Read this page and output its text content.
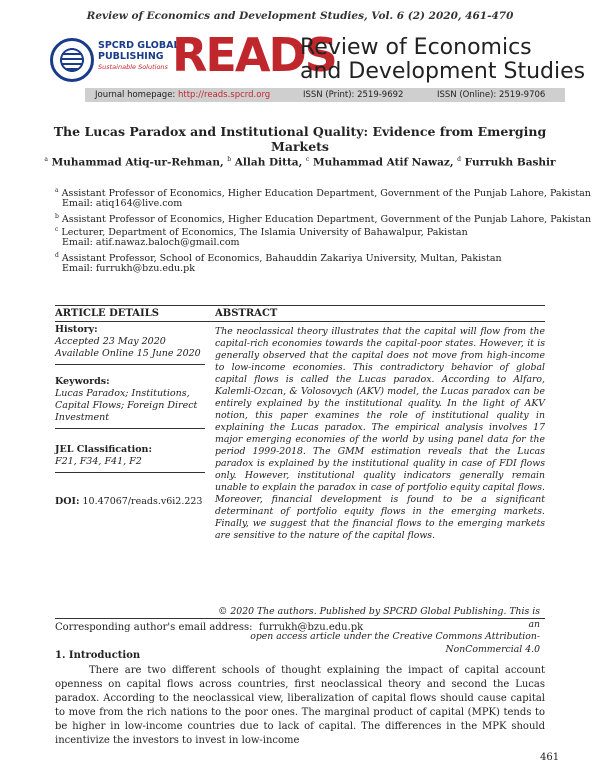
Review of Economics and Development Studies, Vol. 6 (2) 2020, 461-470
SPCRD GLOBAL
PUBLISHING
Sustainable Solutions READS
Review of Economics
and Development Studies
Journal homepage: http://reads.spcrd.org	ISSN (Print): 2519-9692	ISSN (Online): 2519-9706
The Lucas Paradox and Institutional Quality: Evidence from Emerging Markets
$^a$ Muhammad Atiq-ur-Rehman, $^b$ Allah Ditta, $^c$ Muhammad Atif Nawaz, $^d$ Furrukh Bashir
$^a$ Assistant Professor of Economics, Higher Education Department, Government of the Punjab Lahore, Pakistan
Email: atiq164@live.com
$^b$ Assistant Professor of Economics, Higher Education Department, Government of the Punjab Lahore, Pakistan
$^c$ Lecturer, Department of Economics, The Islamia University of Bahawalpur, Pakistan
Email: atif.nawaz.baloch@gmail.com
$^d$ Assistant Professor, School of Economics, Bahauddin Zakariya University, Multan, Pakistan
Email: furrukh@bzu.edu.pk
ARTICLE DETAILS	ABSTRACT
History:
Accepted 23 May 2020
Available Online 15 June 2020
Keywords:
Lucas Paradox; Institutions,
Capital Flows; Foreign Direct
Investment
JEL Classification:
F21, F34, F41, F2
DOI: 10.47067/reads.v6i2.223
The neoclassical theory illustrates that the capital will flow from the capital-rich economies towards the capital-poor states. However, it is generally observed that the capital does not move from high-income to low-income economies. This contradictory behavior of global capital flows is called the Lucas paradox. According to Alfaro, Kalemli-Ozcan, & Volosovych (AKV) model, the Lucas paradox can be entirely explained by the institutional quality. In the light of AKV notion, this paper examines the role of institutional quality in explaining the Lucas paradox. The empirical analysis involves 17 major emerging economies of the world by using panel data for the period 1999-2018. The GMM estimation reveals that the Lucas paradox is explained by the institutional quality in case of FDI flows only. However, institutional quality indicators generally remain unable to explain the paradox in case of portfolio equity capital flows. Moreover, financial development is found to be a significant determinant of portfolio equity flows in the emerging markets. Finally, we suggest that the financial flows to the emerging markets are sensitive to the nature of the capital flows.
© 2020 The authors. Published by SPCRD Global Publishing. This is an
open access article under the Creative Commons Attribution-
NonCommercial 4.0
Corresponding author's email address: furrukh@bzu.edu.pk
1. Introduction
There are two different schools of thought explaining the impact of capital account openness on capital flows across countries, first neoclassical theory and second the Lucas paradox. According to the neoclassical view, liberalization of capital flows should cause capital to move from the rich nations to the poor ones. The marginal product of capital (MPK) tends to be higher in low-income countries due to lack of capital. The differences in the MPK should incentivize the investors to invest in low-income
461
